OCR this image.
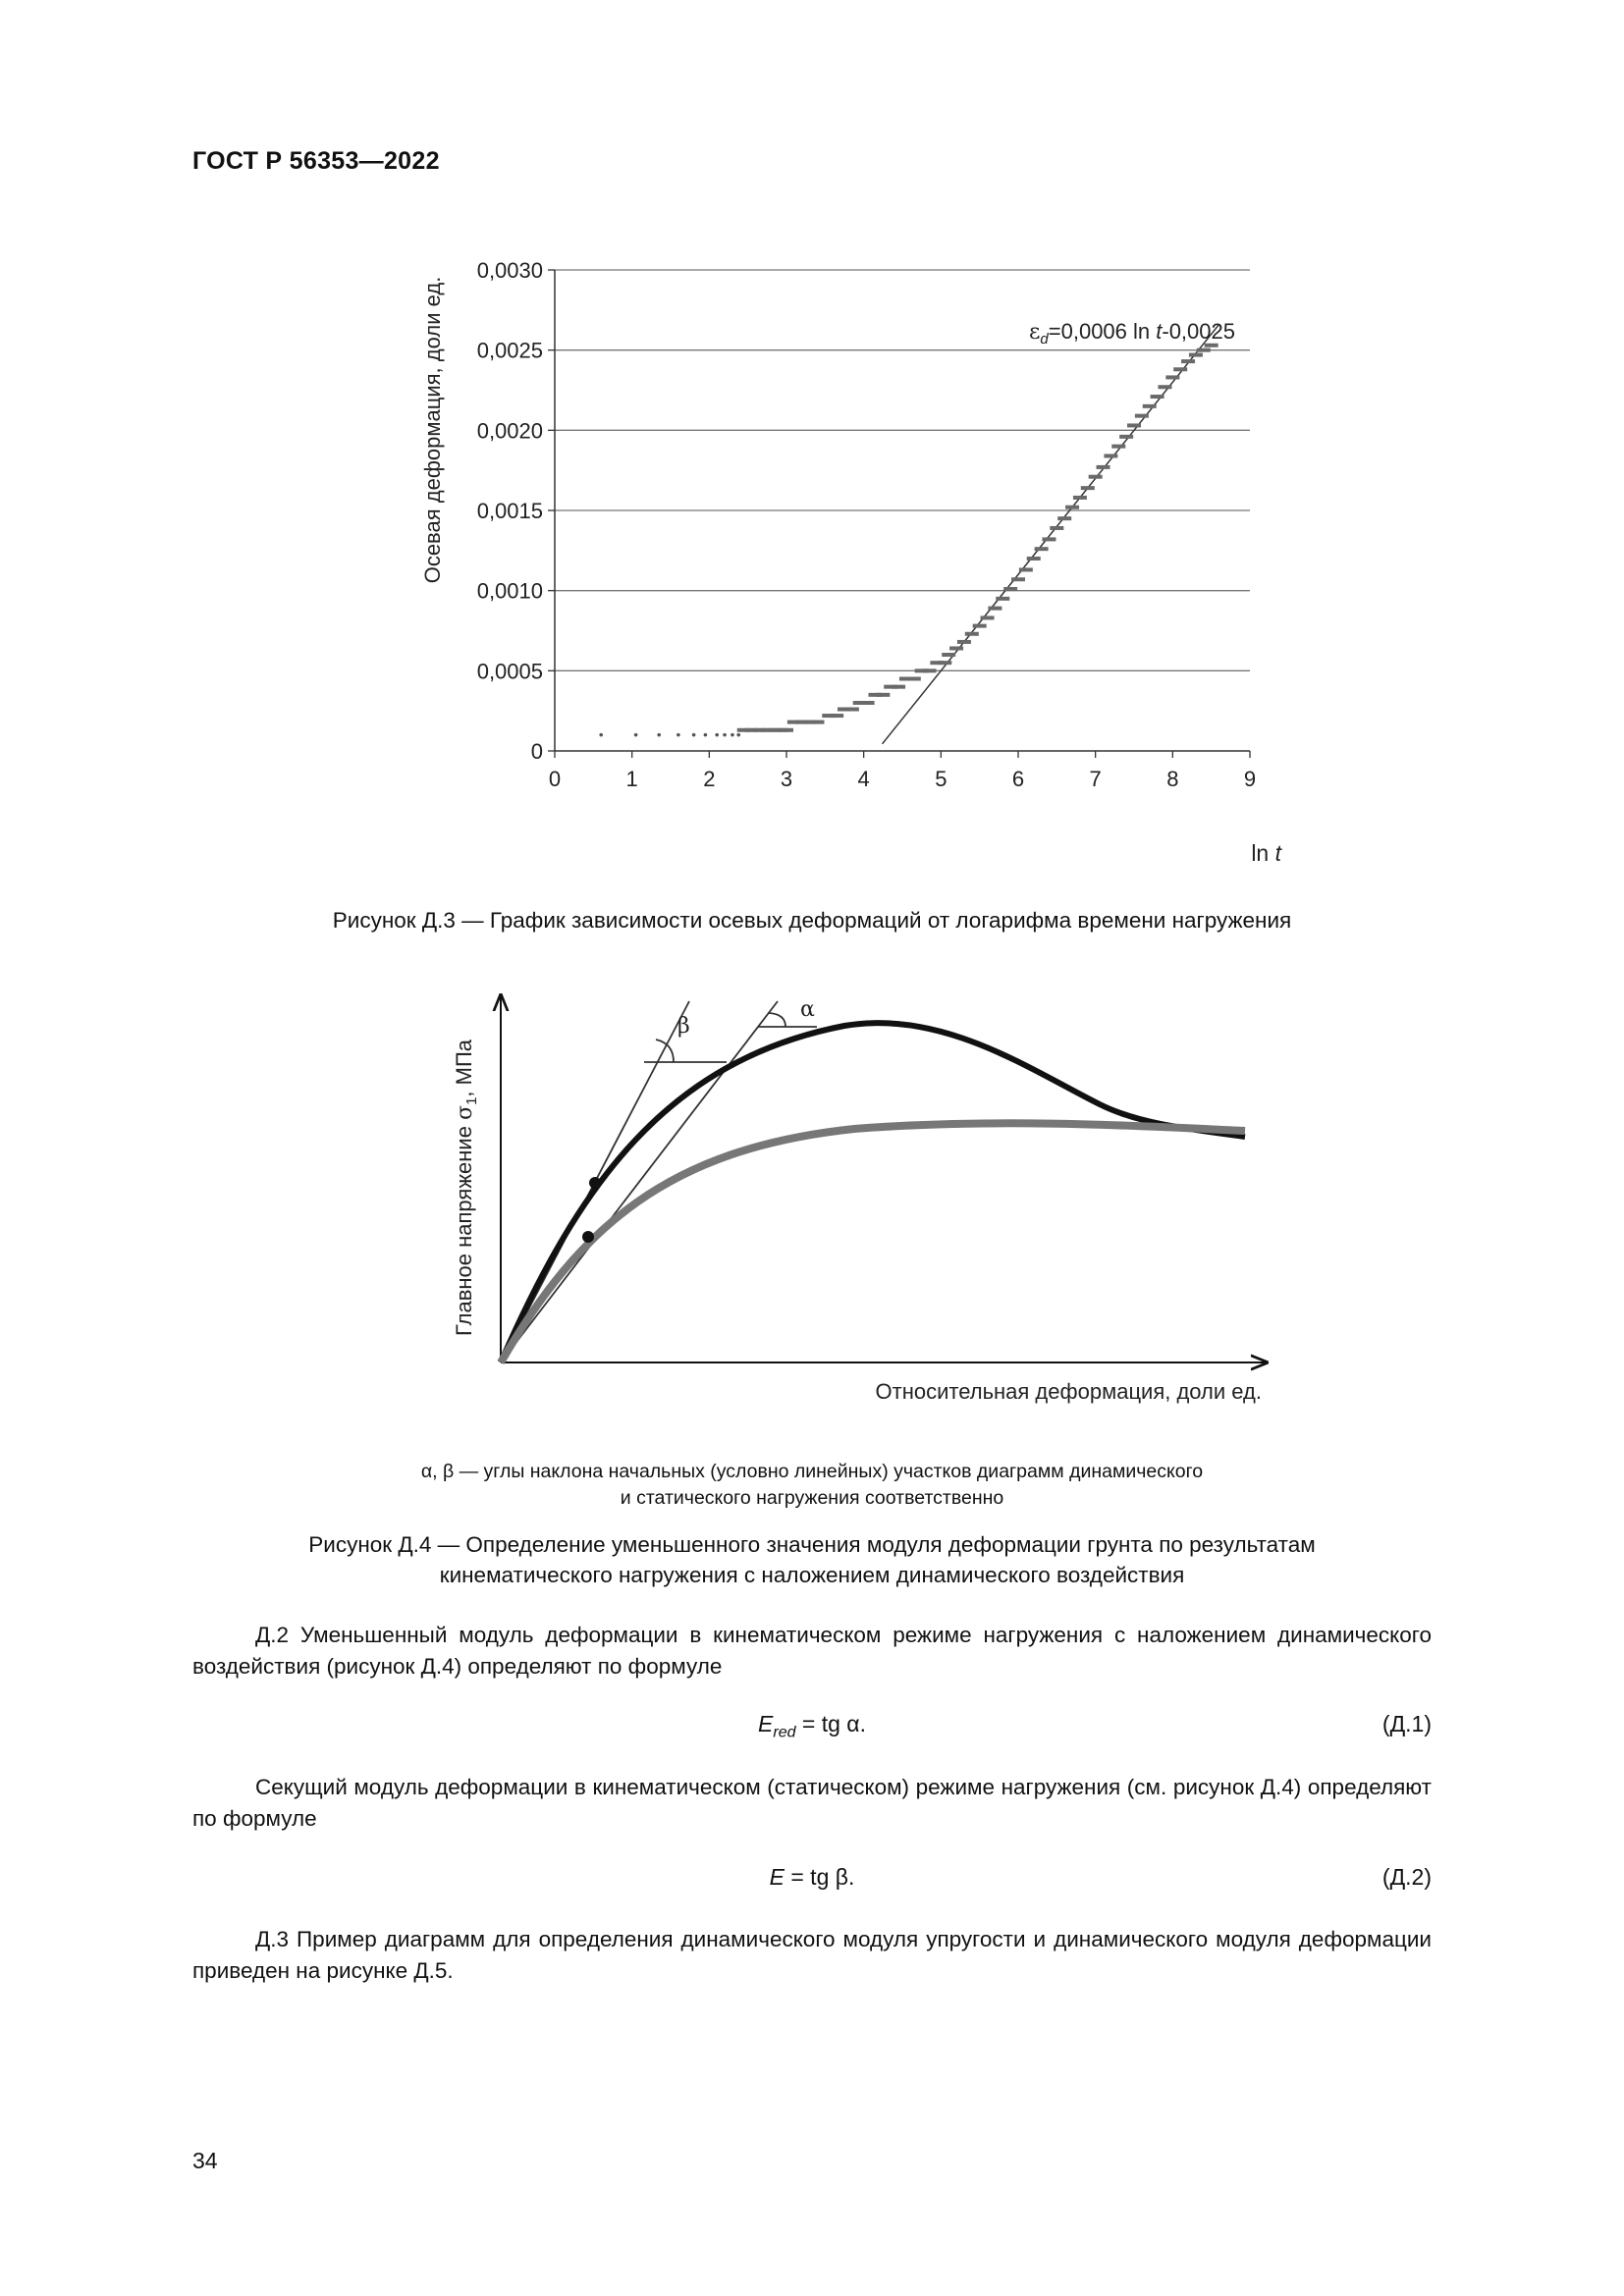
ГОСТ Р 56353—2022
0
0,0005
0,0010
0,0015
0,0020
0,0025
0,0030
0	1	2	3	4	5	6	7	8	9
Осевая деформация, доли ед.
ln t
$\varepsilon_d=0,0006$ ln t-0,0025
Рисунок Д.3 — График зависимости осевых деформаций от логарифма времени нагружения
β
α
Главное напряжение $\sigma_1$, МПа
Относительная деформация, доли ед.
α, β — углы наклона начальных (условно линейных) участков диаграмм динамического
и статического нагружения соответственно
Рисунок Д.4 — Определение уменьшенного значения модуля деформации грунта по результатам
кинематического нагружения с наложением динамического воздействия

Д.2 Уменьшенный модуль деформации в кинематическом режиме нагружения с наложением динамического воздействия (рисунок Д.4) определяют по формуле

$E_{red}$ = tg α.	(Д.1)

Секущий модуль деформации в кинематическом (статическом) режиме нагружения (см. рисунок Д.4) определяют по формуле

E = tg β.	(Д.2)

Д.3 Пример диаграмм для определения динамического модуля упругости и динамического модуля деформации приведен на рисунке Д.5.

34
